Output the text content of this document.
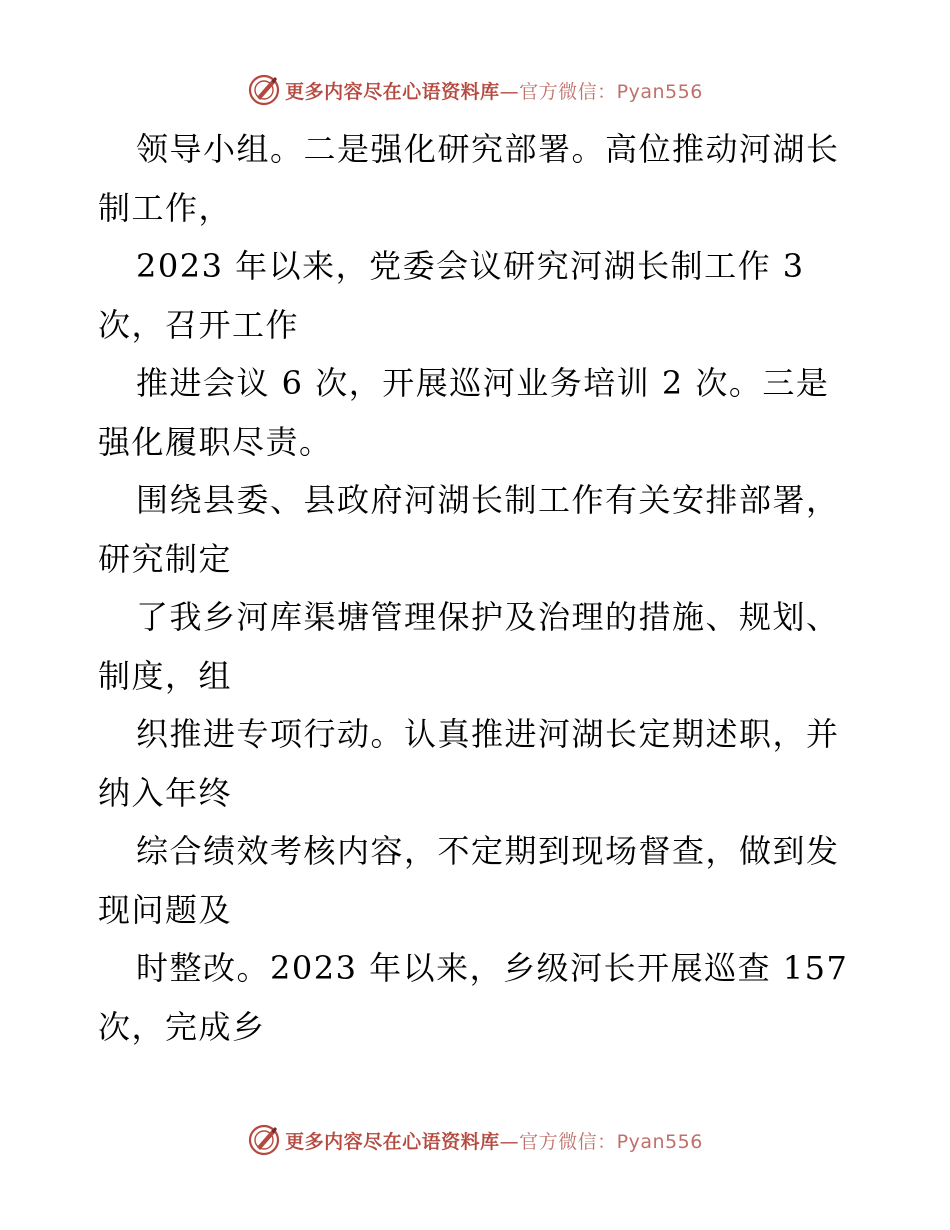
更多内容尽在心语资料库—官方微信：Pyan556
领导小组。二是强化研究部署。高位推动河湖长
制工作，
2023 年以来，党委会议研究河湖长制工作 3
次，召开工作
推进会议 6 次，开展巡河业务培训 2 次。三是
强化履职尽责。
围绕县委、县政府河湖长制工作有关安排部署，
研究制定
了我乡河库渠塘管理保护及治理的措施、规划、
制度，组
织推进专项行动。认真推进河湖长定期述职，并
纳入年终
综合绩效考核内容，不定期到现场督查，做到发
现问题及
时整改。2023 年以来，乡级河长开展巡查 157
次，完成乡
更多内容尽在心语资料库—官方微信：Pyan556
